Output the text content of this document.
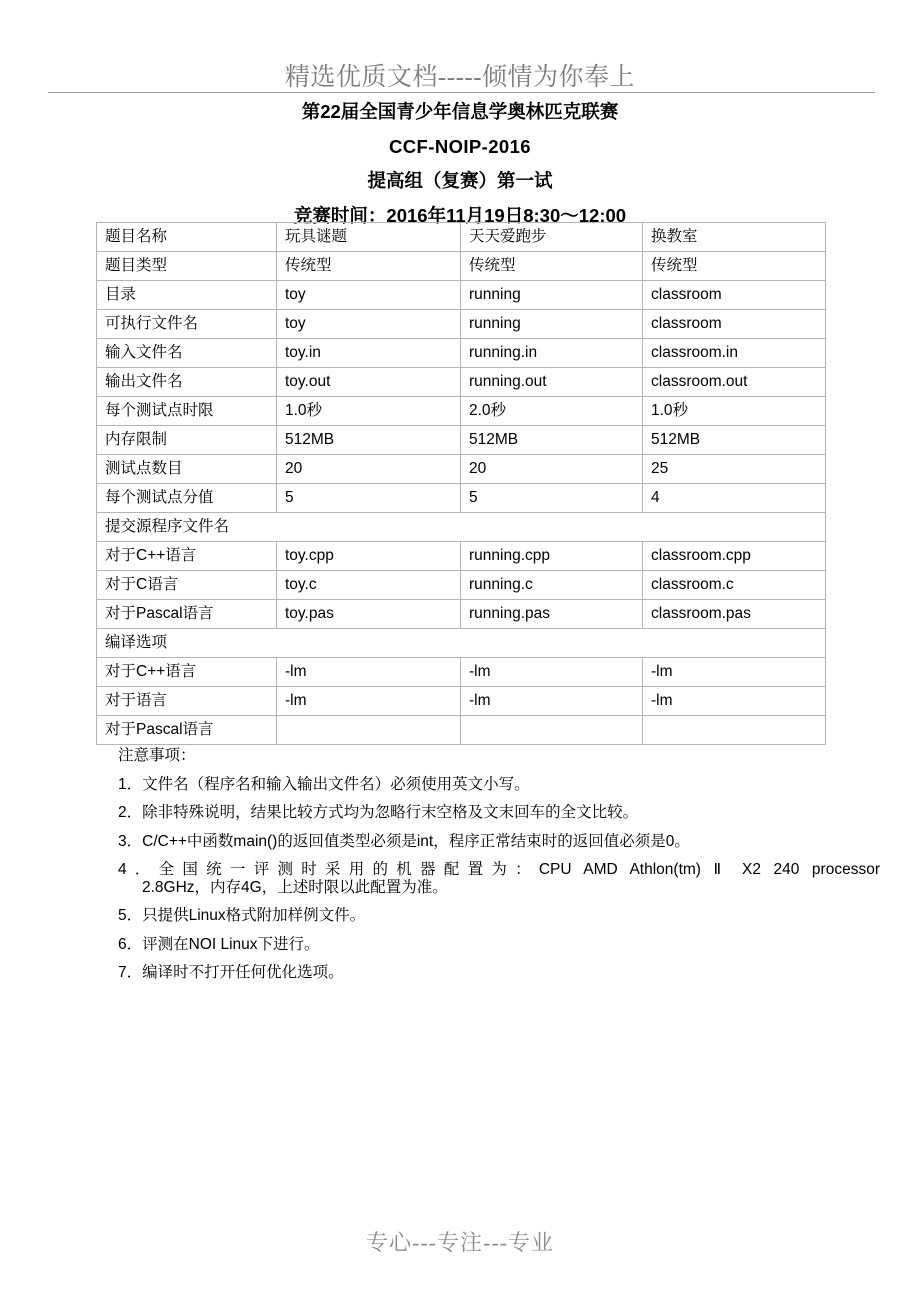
精选优质文档-----倾情为你奉上
第22届全国青少年信息学奥林匹克联赛
CCF-NOIP-2016
提高组（复赛）第一试
竞赛时间：2016年11月19日8:30〜12:00
题目名称	玩具谜题	天天爱跑步	换教室
题目类型	传统型	传统型	传统型
目录	toy	running	classroom
可执行文件名	toy	running	classroom
输入文件名	toy.in	running.in	classroom.in
输出文件名	toy.out	running.out	classroom.out
每个测试点时限	1.0秒	2.0秒	1.0秒
内存限制	512MB	512MB	512MB
测试点数目	20	20	25
每个测试点分值	5	5	4
提交源程序文件名			
对于C++语言	toy.cpp	running.cpp	classroom.cpp
对于C语言	toy.c	running.c	classroom.c
对于Pascal语言	toy.pas	running.pas	classroom.pas
编译选项			
对于C++语言	-lm	-lm	-lm
对于语言	-lm	-lm	-lm
对于Pascal语言			
注意事项：
1．文件名（程序名和输入输出文件名）必须使用英文小写。
2．除非特殊说明，结果比较方式均为忽略行末空格及文末回车的全文比较。
3．C/C++中函数main()的返回值类型必须是int，程序正常结束时的返回值必须是0。
4．全国统一评测时采用的机器配置为：CPU AMD Athlon(tm) Ⅱ X2 240 processor
2.8GHz，内存4G，上述时限以此配置为准。
5．只提供Linux格式附加样例文件。
6．评测在NOI Linux下进行。
7．编译时不打开任何优化选项。
专心---专注---专业
